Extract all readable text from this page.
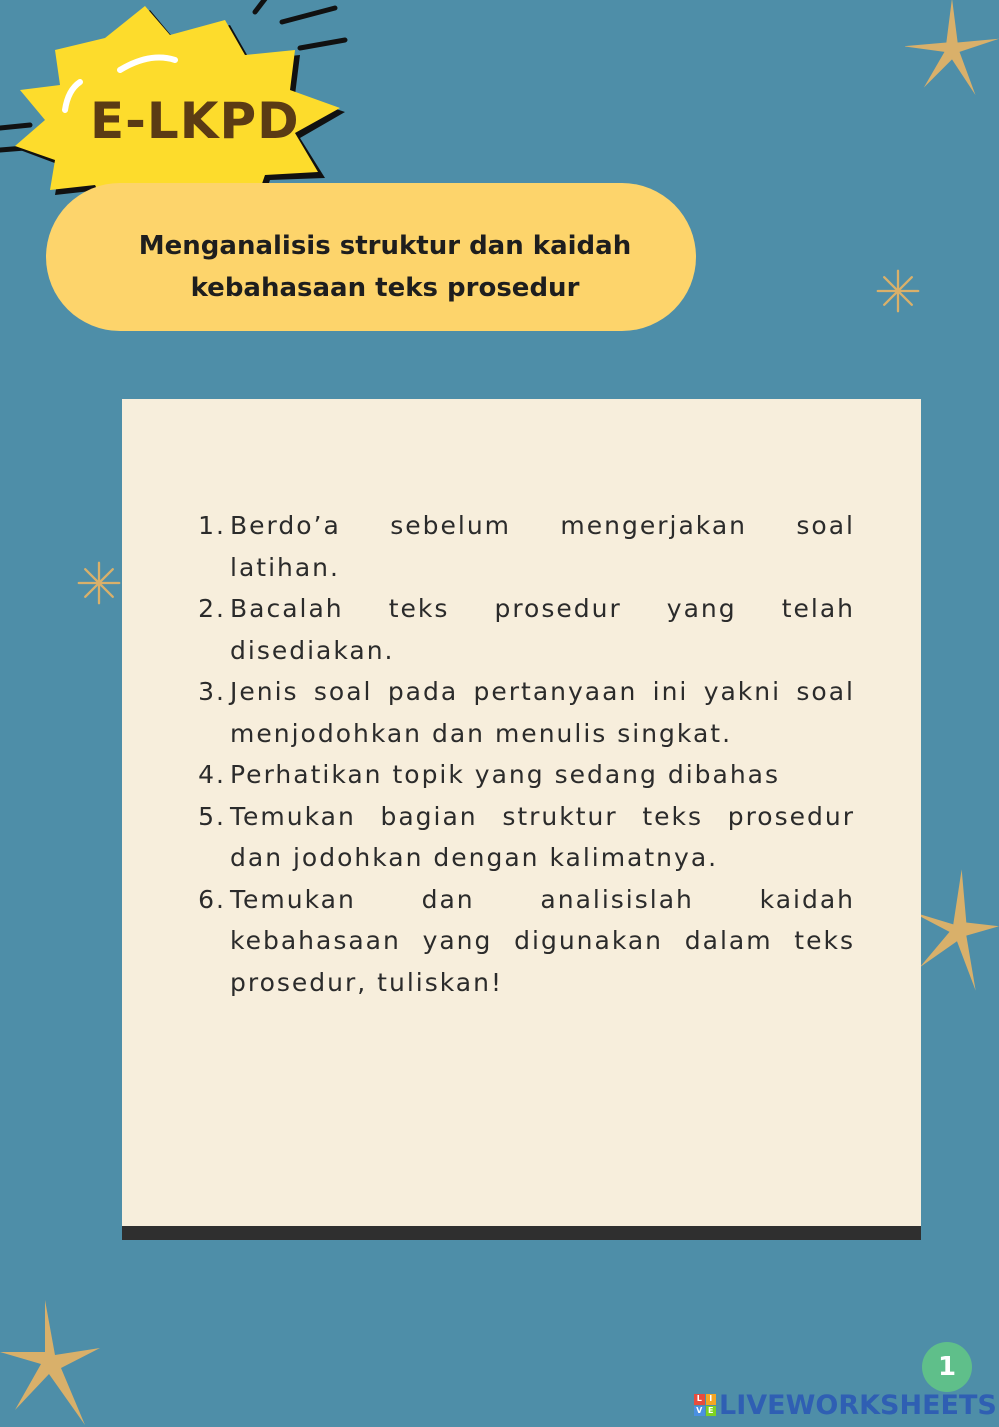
E-LKPD
Menganalisis struktur dan kaidah
kebahasaan teks prosedur
1. Berdo’a sebelum mengerjakan soal latihan.
2. Bacalah teks prosedur yang telah disediakan.
3. Jenis soal pada pertanyaan ini yakni soal menjodohkan dan menulis singkat.
4. Perhatikan topik yang sedang dibahas
5. Temukan bagian struktur teks prosedur dan jodohkan dengan kalimatnya.
6. Temukan dan analisislah kaidah kebahasaan yang digunakan dalam teks prosedur, tuliskan!
1
L I
V E LIVEWORKSHEETS
